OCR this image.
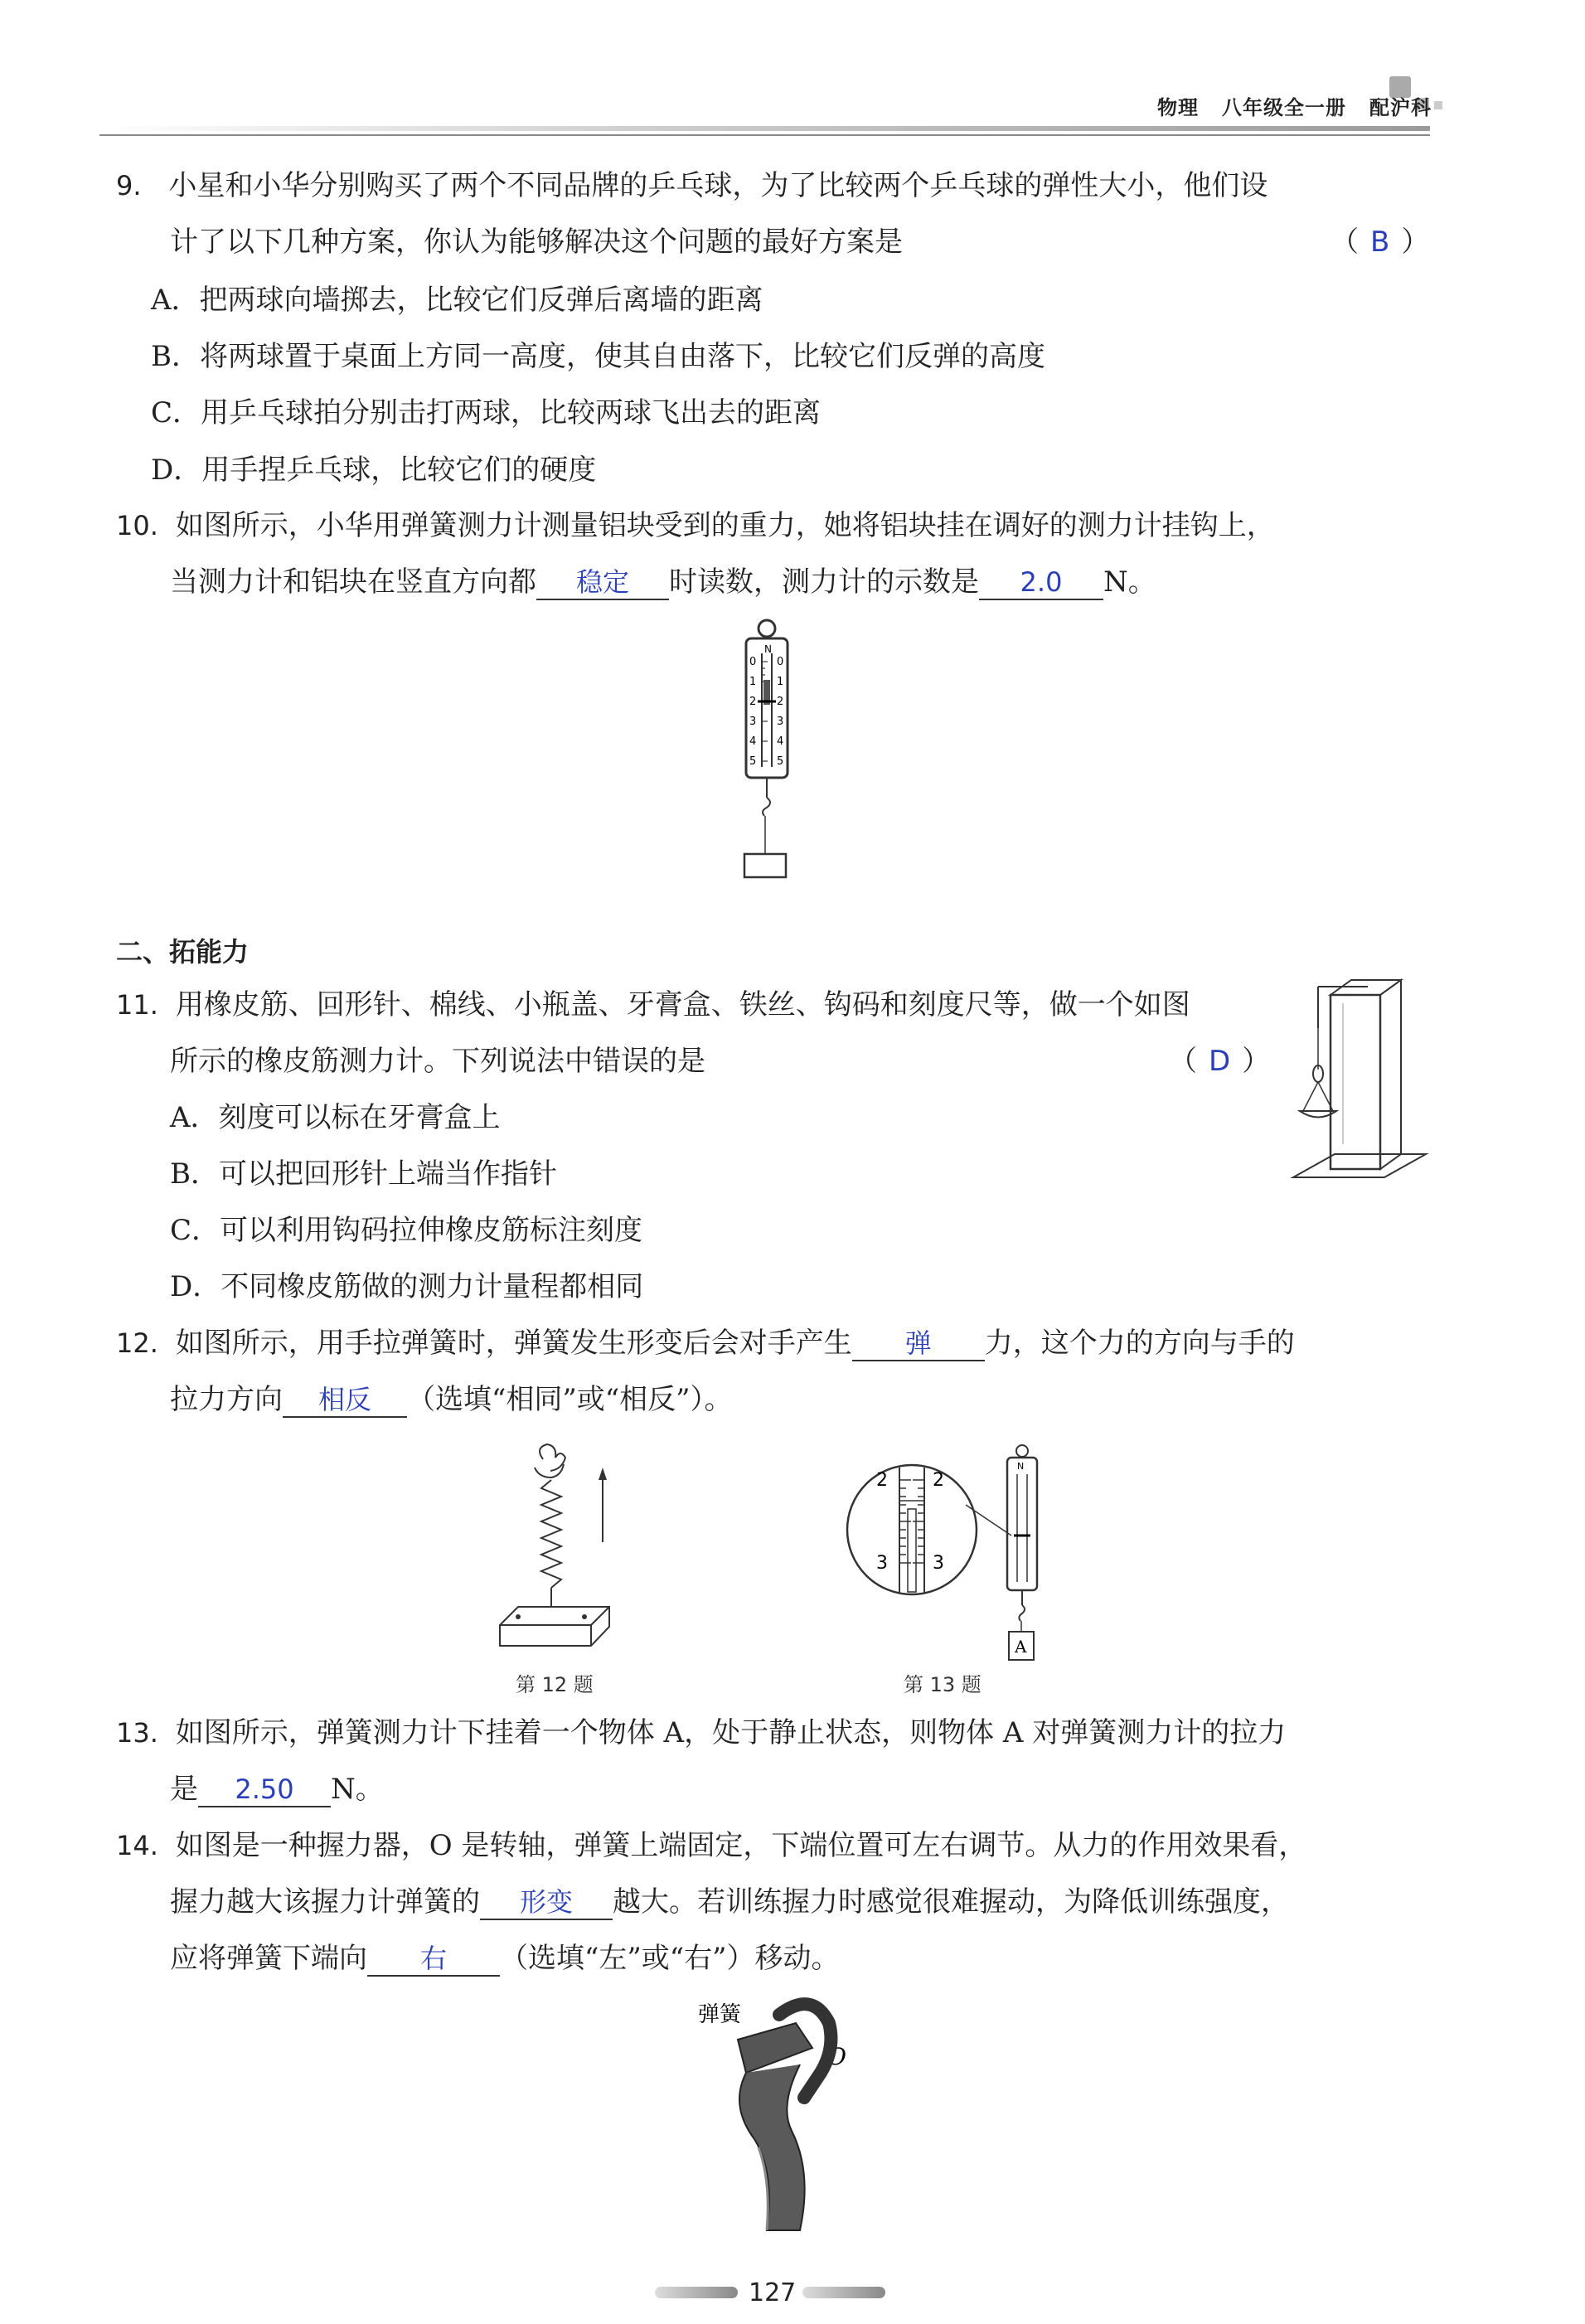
物理 八年级全一册 配沪科
9. 小星和小华分别购买了两个不同品牌的乒乓球，为了比较两个乒乓球的弹性大小，他们设
计了以下几种方案，你认为能够解决这个问题的最好方案是	（ B ）
A．把两球向墙掷去，比较它们反弹后离墙的距离
B．将两球置于桌面上方同一高度，使其自由落下，比较它们反弹的高度
C．用乒乓球拍分别击打两球，比较两球飞出去的距离
D．用手捏乒乓球，比较它们的硬度
10. 如图所示，小华用弹簧测力计测量铝块受到的重力，她将铝块挂在调好的测力计挂钩上，
当测力计和铝块在竖直方向都 稳定 时读数，测力计的示数是 2.0 N。
N
0
1
2
3
4
5
0
1
2
3
4
5
二、拓能力
11. 用橡皮筋、回形针、棉线、小瓶盖、牙膏盒、铁丝、钩码和刻度尺等，做一个如图
所示的橡皮筋测力计。下列说法中错误的是	（ D ）
A．刻度可以标在牙膏盒上
B．可以把回形针上端当作指针
C．可以利用钩码拉伸橡皮筋标注刻度
D．不同橡皮筋做的测力计量程都相同
12. 如图所示，用手拉弹簧时，弹簧发生形变后会对手产生 弹 力，这个力的方向与手的
拉力方向 相反 （选填“相同”或“相反”）。
第 12 题
2
3
2
3
N
A
第 13 题
13. 如图所示，弹簧测力计下挂着一个物体 A，处于静止状态，则物体 A 对弹簧测力计的拉力
是 2.50 N。
14. 如图是一种握力器，O 是转轴，弹簧上端固定，下端位置可左右调节。从力的作用效果看，
握力越大该握力计弹簧的 形变 越大。若训练握力时感觉很难握动，为降低训练强度，
应将弹簧下端向 右 （选填“左”或“右”）移动。
弹簧
O
127
